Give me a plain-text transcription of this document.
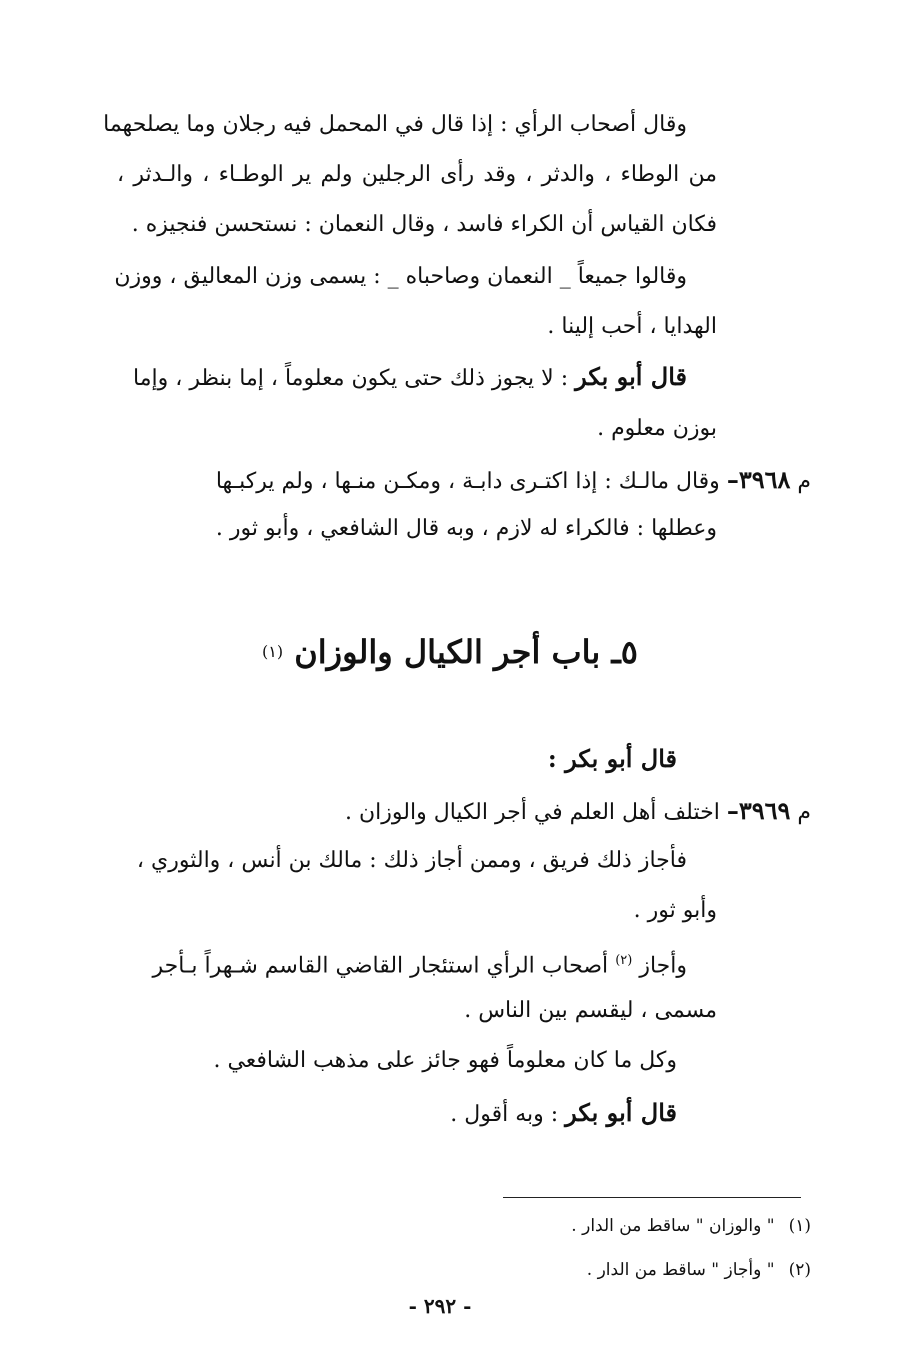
وقال أصحاب الرأي : إذا قال في المحمل فيه رجلان وما يصلحهما
من الوطاء ، والدثر ، وقد رأى الرجلين ولم ير الوطـاء ، والـدثر ،
فكان القياس أن الكراء فاسد ، وقال النعمان : نستحسن فنجيزه .
وقالوا جميعاً _ النعمان وصاحباه _ : يسمى وزن المعاليق ، ووزن
الهدايا ، أحب إلينا .
قال أبو بكر : لا يجوز ذلك حتى يكون معلوماً ، إما بنظر ، وإما
بوزن معلوم .
م ٣٩٦٨– وقال مالـك : إذا اكتـرى دابـة ، ومكـن منـها ، ولم يركبـها
وعطلها : فالكراء له لازم ، وبه قال الشافعي ، وأبو ثور .
٥ـ باب أجر الكيال والوزان $^{(١)}$
قال أبو بكر :
م ٣٩٦٩– اختلف أهل العلم في أجر الكيال والوزان .
فأجاز ذلك فريق ، وممن أجاز ذلك : مالك بن أنس ، والثوري ،
وأبو ثور .
وأجاز $^{(٢)}$ أصحاب الرأي استئجار القاضي القاسم شـهراً بـأجر
مسمى ، ليقسم بين الناس .
وكل ما كان معلوماً فهو جائز على مذهب الشافعي .
قال أبو بكر : وبه أقول .
(١)" والوزان " ساقط من الدار .
(٢)" وأجاز " ساقط من الدار .
- ٢٩٢ -
